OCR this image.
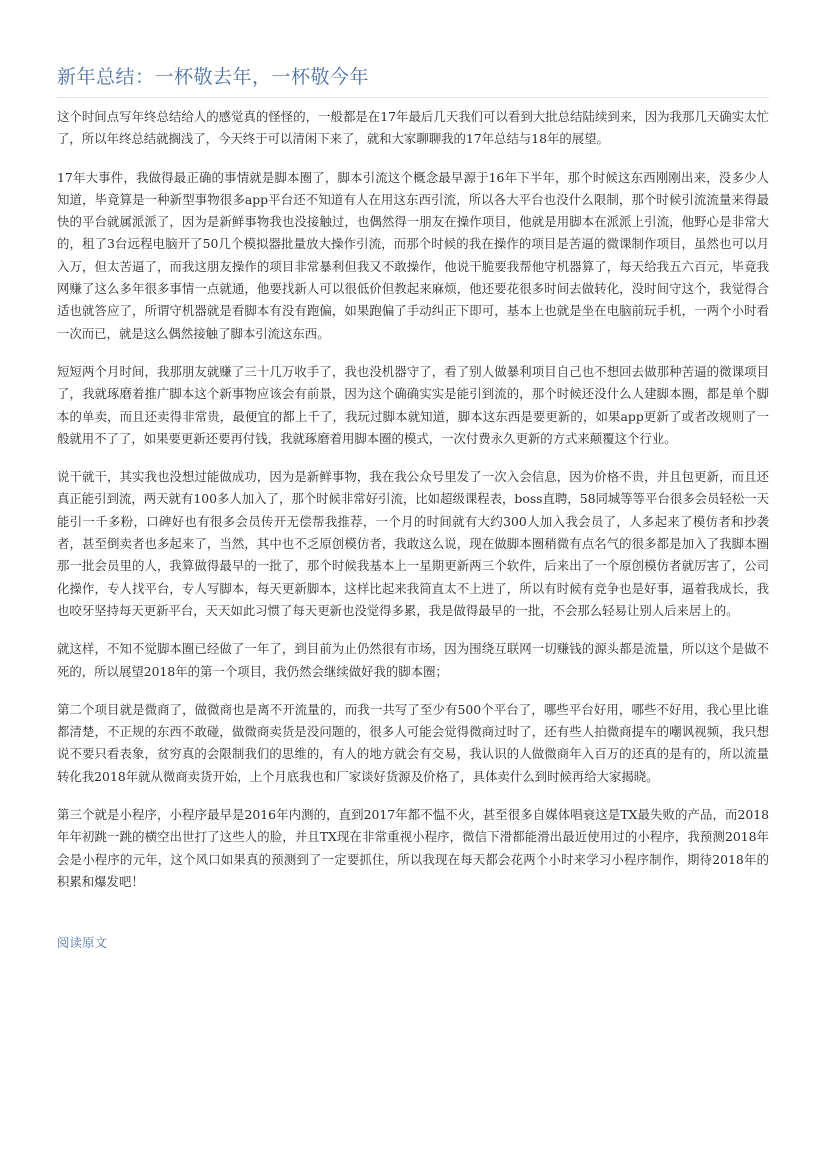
新年总结：一杯敬去年，一杯敬今年

这个时间点写年终总结给人的感觉真的怪怪的，一般都是在17年最后几天我们可以看到大批总结陆续到来，因为我那几天确实太忙了，所以年终总结就搁浅了，今天终于可以清闲下来了，就和大家聊聊我的17年总结与18年的展望。

17年大事件，我做得最正确的事情就是脚本圈了，脚本引流这个概念最早源于16年下半年，那个时候这东西刚刚出来，没多少人知道，毕竟算是一种新型事物很多app平台还不知道有人在用这东西引流，所以各大平台也没什么限制，那个时候引流流量来得最快的平台就属派派了，因为是新鲜事物我也没接触过，也偶然得一朋友在操作项目，他就是用脚本在派派上引流，他野心是非常大的，租了3台远程电脑开了50几个模拟器批量放大操作引流，而那个时候的我在操作的项目是苦逼的微课制作项目，虽然也可以月入万，但太苦逼了，而我这朋友操作的项目非常暴利但我又不敢操作，他说干脆要我帮他守机器算了，每天给我五六百元，毕竟我网赚了这么多年很多事情一点就通，他要找新人可以很低价但教起来麻烦，他还要花很多时间去做转化，没时间守这个，我觉得合适也就答应了，所谓守机器就是看脚本有没有跑偏，如果跑偏了手动纠正下即可，基本上也就是坐在电脑前玩手机，一两个小时看一次而已，就是这么偶然接触了脚本引流这东西。

短短两个月时间，我那朋友就赚了三十几万收手了，我也没机器守了，看了别人做暴利项目自己也不想回去做那种苦逼的微课项目了，我就琢磨着推广脚本这个新事物应该会有前景，因为这个确确实实是能引到流的，那个时候还没什么人建脚本圈，都是单个脚本的单卖，而且还卖得非常贵，最便宜的都上千了，我玩过脚本就知道，脚本这东西是要更新的，如果app更新了或者改规则了一般就用不了了，如果要更新还要再付钱，我就琢磨着用脚本圈的模式，一次付费永久更新的方式来颠覆这个行业。

说干就干，其实我也没想过能做成功，因为是新鲜事物，我在我公众号里发了一次入会信息，因为价格不贵，并且包更新，而且还真正能引到流，两天就有100多人加入了，那个时候非常好引流，比如超级课程表，boss直聘，58同城等等平台很多会员轻松一天能引一千多粉，口碑好也有很多会员传开无偿帮我推荐，一个月的时间就有大约300人加入我会员了，人多起来了模仿者和抄袭者，甚至倒卖者也多起来了，当然，其中也不乏原创模仿者，我敢这么说，现在做脚本圈稍微有点名气的很多都是加入了我脚本圈那一批会员里的人，我算做得最早的一批了，那个时候我基本上一星期更新两三个软件，后来出了一个原创模仿者就厉害了，公司化操作，专人找平台，专人写脚本，每天更新脚本，这样比起来我简直太不上进了，所以有时候有竞争也是好事，逼着我成长，我也咬牙坚持每天更新平台，天天如此习惯了每天更新也没觉得多累，我是做得最早的一批，不会那么轻易让别人后来居上的。

就这样，不知不觉脚本圈已经做了一年了，到目前为止仍然很有市场，因为围绕互联网一切赚钱的源头都是流量，所以这个是做不死的，所以展望2018年的第一个项目，我仍然会继续做好我的脚本圈；

第二个项目就是微商了，做微商也是离不开流量的，而我一共写了至少有500个平台了，哪些平台好用，哪些不好用，我心里比谁都清楚，不正规的东西不敢碰，做微商卖货是没问题的，很多人可能会觉得微商过时了，还有些人拍微商提车的嘲讽视频，我只想说不要只看表象，贫穷真的会限制我们的思维的，有人的地方就会有交易，我认识的人做微商年入百万的还真的是有的，所以流量转化我2018年就从微商卖货开始，上个月底我也和厂家谈好货源及价格了，具体卖什么到时候再给大家揭晓。

第三个就是小程序，小程序最早是2016年内测的，直到2017年都不愠不火，甚至很多自媒体唱衰这是TX最失败的产品，而2018年年初跳一跳的横空出世打了这些人的脸，并且TX现在非常重视小程序，微信下滑都能滑出最近使用过的小程序，我预测2018年会是小程序的元年，这个风口如果真的预测到了一定要抓住，所以我现在每天都会花两个小时来学习小程序制作，期待2018年的积累和爆发吧！

阅读原文
